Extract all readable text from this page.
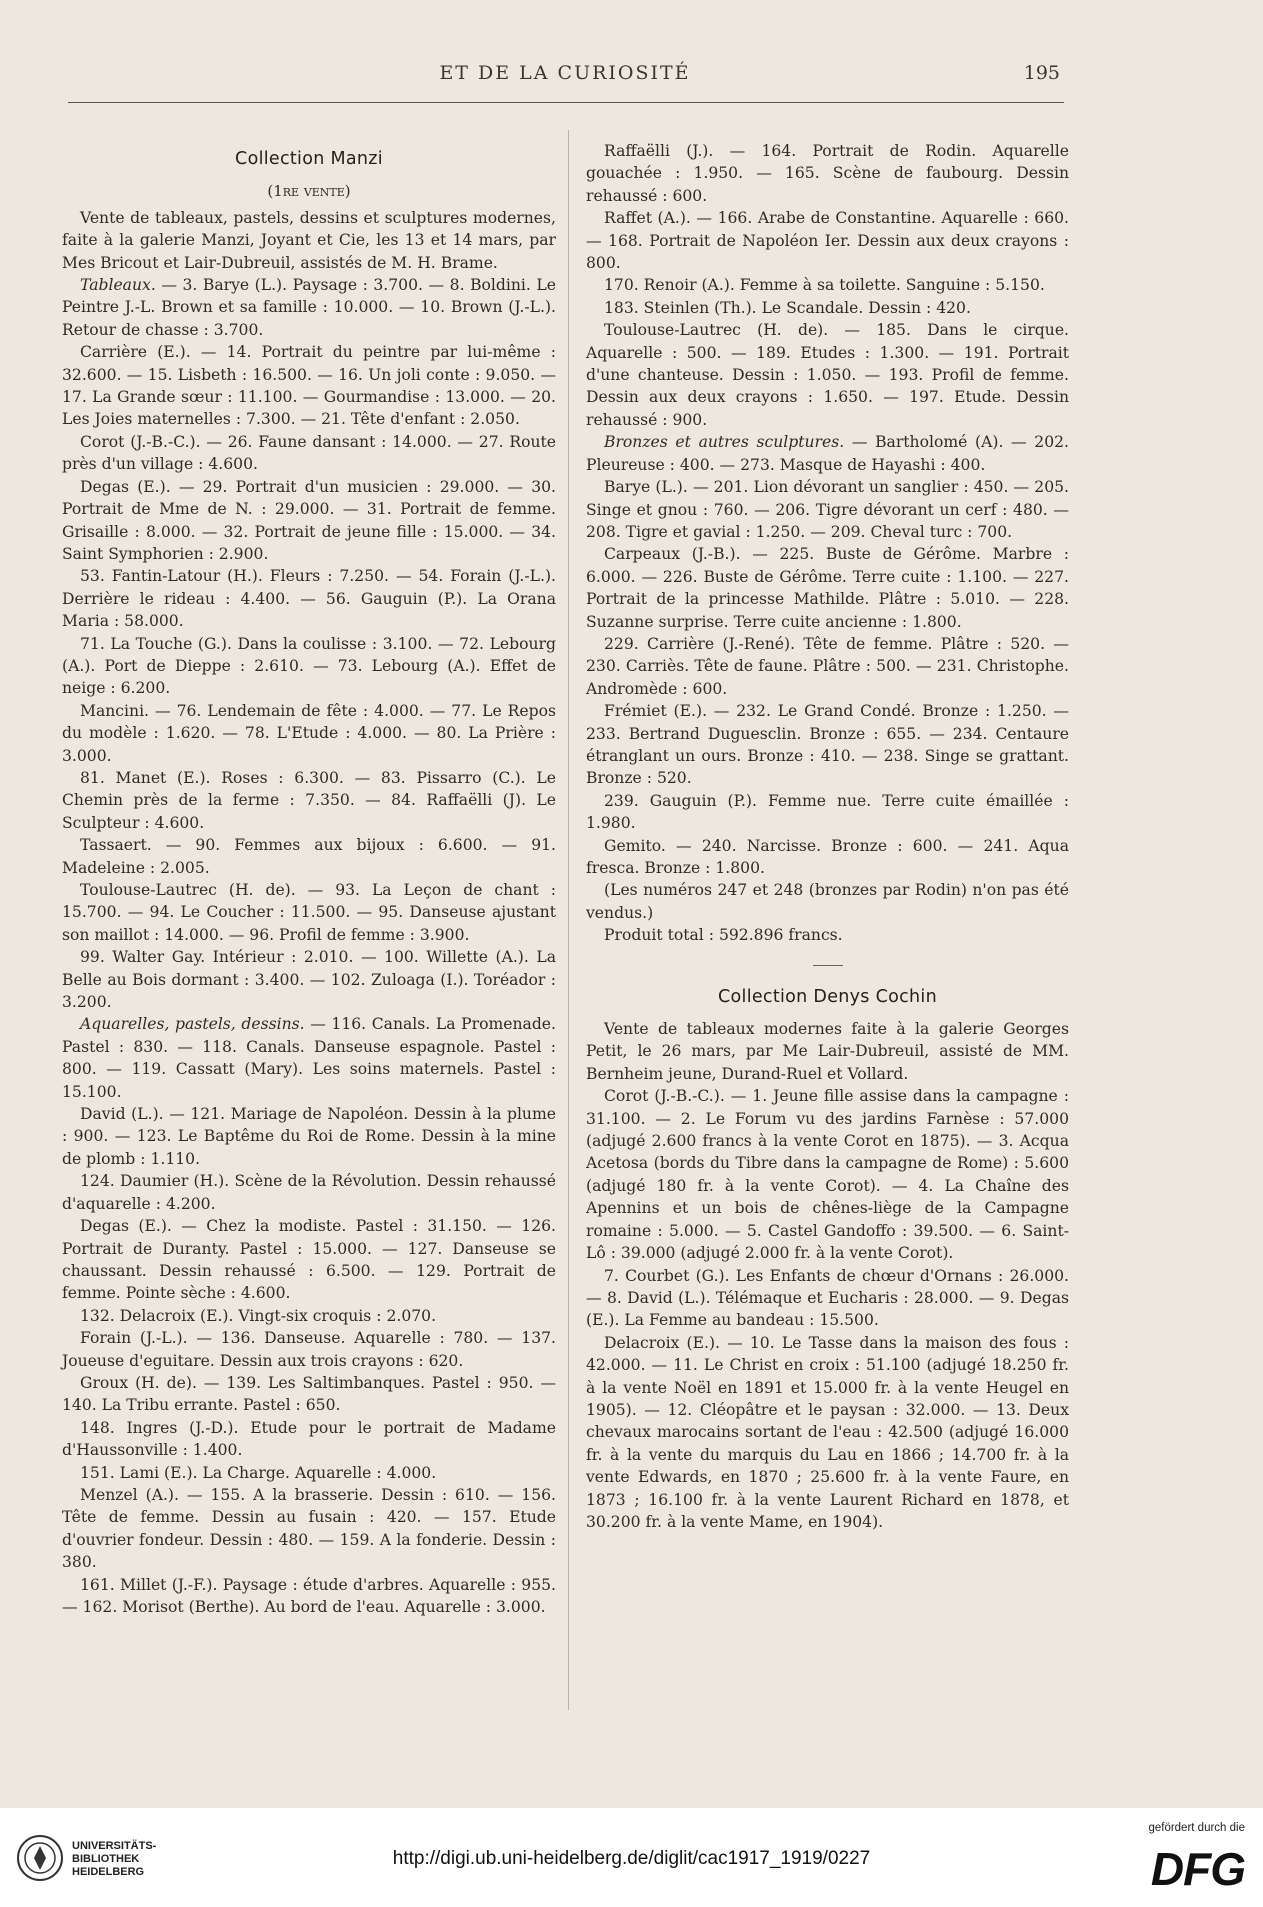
ET DE LA CURIOSITÉ	195

Collection Manzi

(1re vente)

Vente de tableaux, pastels, dessins et sculptures modernes, faite à la galerie Manzi, Joyant et Cie, les 13 et 14 mars, par Mes Bricout et Lair-Dubreuil, assistés de M. H. Brame.

Tableaux. — 3. Barye (L.). Paysage : 3.700. — 8. Boldini. Le Peintre J.-L. Brown et sa famille : 10.000. — 10. Brown (J.-L.). Retour de chasse : 3.700.

Carrière (E.). — 14. Portrait du peintre par lui-même : 32.600. — 15. Lisbeth : 16.500. — 16. Un joli conte : 9.050. — 17. La Grande sœur : 11.100. — Gourmandise : 13.000. — 20. Les Joies maternelles : 7.300. — 21. Tête d'enfant : 2.050.

Corot (J.-B.-C.). — 26. Faune dansant : 14.000. — 27. Route près d'un village : 4.600.

Degas (E.). — 29. Portrait d'un musicien : 29.000. — 30. Portrait de Mme de N. : 29.000. — 31. Portrait de femme. Grisaille : 8.000. — 32. Portrait de jeune fille : 15.000. — 34. Saint Symphorien : 2.900.

53. Fantin-Latour (H.). Fleurs : 7.250. — 54. Forain (J.-L.). Derrière le rideau : 4.400. — 56. Gauguin (P.). La Orana Maria : 58.000.

71. La Touche (G.). Dans la coulisse : 3.100. — 72. Lebourg (A.). Port de Dieppe : 2.610. — 73. Lebourg (A.). Effet de neige : 6.200.

Mancini. — 76. Lendemain de fête : 4.000. — 77. Le Repos du modèle : 1.620. — 78. L'Etude : 4.000. — 80. La Prière : 3.000.

81. Manet (E.). Roses : 6.300. — 83. Pissarro (C.). Le Chemin près de la ferme : 7.350. — 84. Raffaëlli (J). Le Sculpteur : 4.600.

Tassaert. — 90. Femmes aux bijoux : 6.600. — 91. Madeleine : 2.005.

Toulouse-Lautrec (H. de). — 93. La Leçon de chant : 15.700. — 94. Le Coucher : 11.500. — 95. Danseuse ajustant son maillot : 14.000. — 96. Profil de femme : 3.900.

99. Walter Gay. Intérieur : 2.010. — 100. Willette (A.). La Belle au Bois dormant : 3.400. — 102. Zuloaga (I.). Toréador : 3.200.

Aquarelles, pastels, dessins. — 116. Canals. La Promenade. Pastel : 830. — 118. Canals. Danseuse espagnole. Pastel : 800. — 119. Cassatt (Mary). Les soins maternels. Pastel : 15.100.

David (L.). — 121. Mariage de Napoléon. Dessin à la plume : 900. — 123. Le Baptême du Roi de Rome. Dessin à la mine de plomb : 1.110.

124. Daumier (H.). Scène de la Révolution. Dessin rehaussé d'aquarelle : 4.200.

Degas (E.). — Chez la modiste. Pastel : 31.150. — 126. Portrait de Duranty. Pastel : 15.000. — 127. Danseuse se chaussant. Dessin rehaussé : 6.500. — 129. Portrait de femme. Pointe sèche : 4.600.

132. Delacroix (E.). Vingt-six croquis : 2.070.

Forain (J.-L.). — 136. Danseuse. Aquarelle : 780. — 137. Joueuse d'eguitare. Dessin aux trois crayons : 620.

Groux (H. de). — 139. Les Saltimbanques. Pastel : 950. — 140. La Tribu errante. Pastel : 650.

148. Ingres (J.-D.). Etude pour le portrait de Madame d'Haussonville : 1.400.

151. Lami (E.). La Charge. Aquarelle : 4.000.

Menzel (A.). — 155. A la brasserie. Dessin : 610. — 156. Tête de femme. Dessin au fusain : 420. — 157. Etude d'ouvrier fondeur. Dessin : 480. — 159. A la fonderie. Dessin : 380.

161. Millet (J.-F.). Paysage : étude d'arbres. Aquarelle : 955. — 162. Morisot (Berthe). Au bord de l'eau. Aquarelle : 3.000.

Raffaëlli (J.). — 164. Portrait de Rodin. Aquarelle gouachée : 1.950. — 165. Scène de faubourg. Dessin rehaussé : 600.

Raffet (A.). — 166. Arabe de Constantine. Aquarelle : 660. — 168. Portrait de Napoléon Ier. Dessin aux deux crayons : 800.

170. Renoir (A.). Femme à sa toilette. Sanguine : 5.150.

183. Steinlen (Th.). Le Scandale. Dessin : 420.

Toulouse-Lautrec (H. de). — 185. Dans le cirque. Aquarelle : 500. — 189. Etudes : 1.300. — 191. Portrait d'une chanteuse. Dessin : 1.050. — 193. Profil de femme. Dessin aux deux crayons : 1.650. — 197. Etude. Dessin rehaussé : 900.

Bronzes et autres sculptures. — Bartholomé (A). — 202. Pleureuse : 400. — 273. Masque de Hayashi : 400.

Barye (L.). — 201. Lion dévorant un sanglier : 450. — 205. Singe et gnou : 760. — 206. Tigre dévorant un cerf : 480. — 208. Tigre et gavial : 1.250. — 209. Cheval turc : 700.

Carpeaux (J.-B.). — 225. Buste de Gérôme. Marbre : 6.000. — 226. Buste de Gérôme. Terre cuite : 1.100. — 227. Portrait de la princesse Mathilde. Plâtre : 5.010. — 228. Suzanne surprise. Terre cuite ancienne : 1.800.

229. Carrière (J.-René). Tête de femme. Plâtre : 520. — 230. Carriès. Tête de faune. Plâtre : 500. — 231. Christophe. Andromède : 600.

Frémiet (E.). — 232. Le Grand Condé. Bronze : 1.250. — 233. Bertrand Duguesclin. Bronze : 655. — 234. Centaure étranglant un ours. Bronze : 410. — 238. Singe se grattant. Bronze : 520.

239. Gauguin (P.). Femme nue. Terre cuite émaillée : 1.980.

Gemito. — 240. Narcisse. Bronze : 600. — 241. Aqua fresca. Bronze : 1.800.

(Les numéros 247 et 248 (bronzes par Rodin) n'on pas été vendus.)

Produit total : 592.896 francs.

Collection Denys Cochin

Vente de tableaux modernes faite à la galerie Georges Petit, le 26 mars, par Me Lair-Dubreuil, assisté de MM. Bernheim jeune, Durand-Ruel et Vollard.

Corot (J.-B.-C.). — 1. Jeune fille assise dans la campagne : 31.100. — 2. Le Forum vu des jardins Farnèse : 57.000 (adjugé 2.600 francs à la vente Corot en 1875). — 3. Acqua Acetosa (bords du Tibre dans la campagne de Rome) : 5.600 (adjugé 180 fr. à la vente Corot). — 4. La Chaîne des Apennins et un bois de chênes-liège de la Campagne romaine : 5.000. — 5. Castel Gandoffo : 39.500. — 6. Saint-Lô : 39.000 (adjugé 2.000 fr. à la vente Corot).

7. Courbet (G.). Les Enfants de chœur d'Ornans : 26.000. — 8. David (L.). Télémaque et Eucharis : 28.000. — 9. Degas (E.). La Femme au bandeau : 15.500.

Delacroix (E.). — 10. Le Tasse dans la maison des fous : 42.000. — 11. Le Christ en croix : 51.100 (adjugé 18.250 fr. à la vente Noël en 1891 et 15.000 fr. à la vente Heugel en 1905). — 12. Cléopâtre et le paysan : 32.000. — 13. Deux chevaux marocains sortant de l'eau : 42.500 (adjugé 16.000 fr. à la vente du marquis du Lau en 1866 ; 14.700 fr. à la vente Edwards, en 1870 ; 25.600 fr. à la vente Faure, en 1873 ; 16.100 fr. à la vente Laurent Richard en 1878, et 30.200 fr. à la vente Mame, en 1904).

UNIVERSITÄTS-
BIBLIOTHEK
HEIDELBERG
http://digi.ub.uni-heidelberg.de/diglit/cac1917_1919/0227
gefördert durch die
DFG
